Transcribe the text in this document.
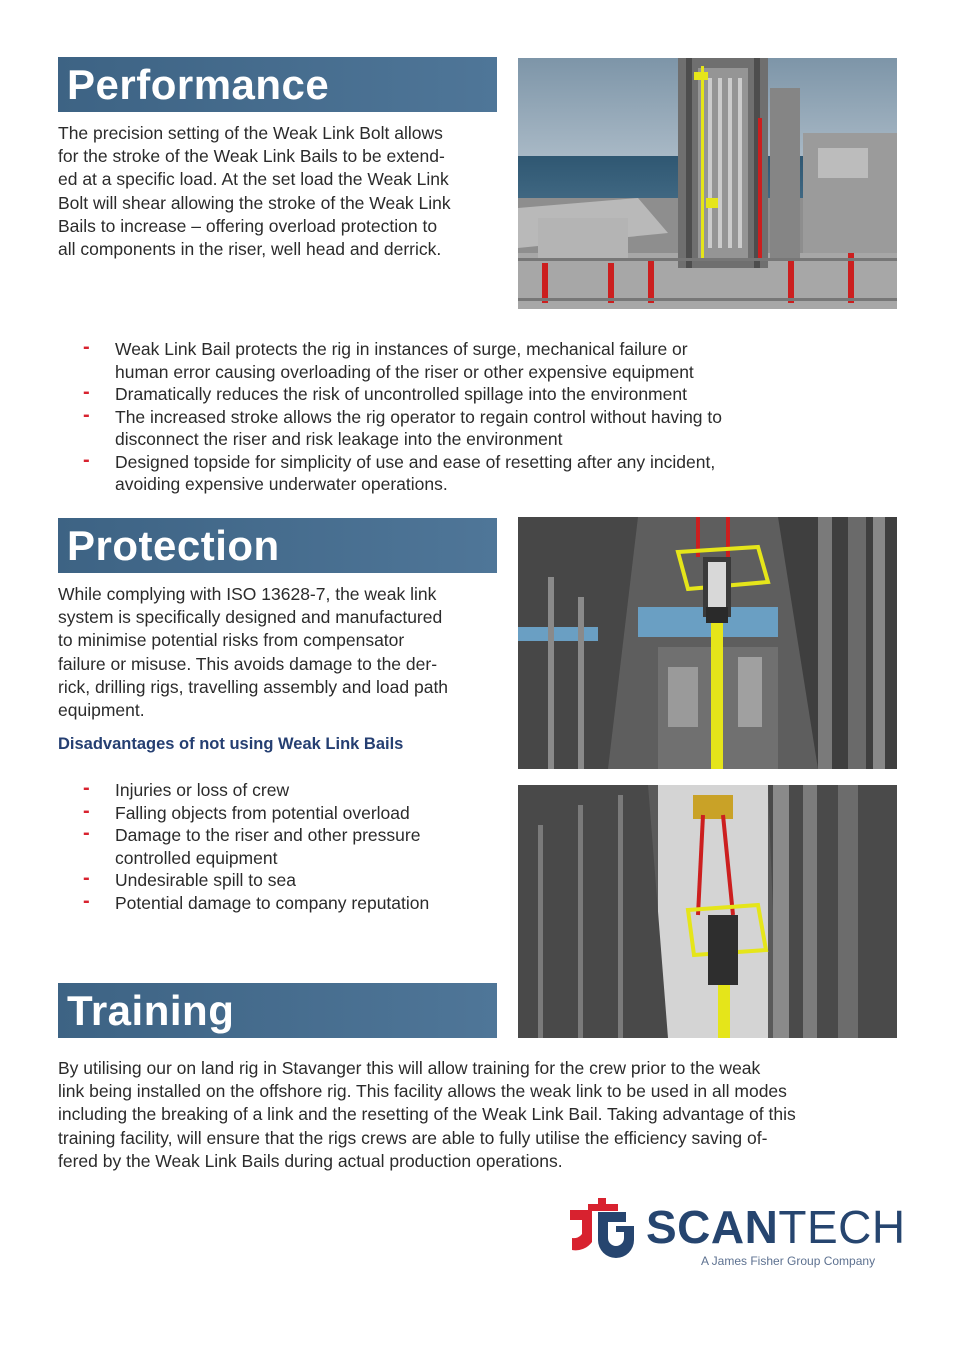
Performance

The precision setting of the Weak Link Bolt allows
for the stroke of the Weak Link Bails to be extend-
ed at a specific load. At the set load the Weak Link
Bolt will shear allowing the stroke of the Weak Link
Bails to increase – offering overload protection to
all components in the riser, well head and derrick.

- Weak Link Bail protects the rig in instances of surge, mechanical failure or
human error causing overloading of the riser or other expensive equipment
- Dramatically reduces the risk of uncontrolled spillage into the environment
- The increased stroke allows the rig operator to regain control without having to
disconnect the riser and risk leakage into the environment
- Designed topside for simplicity of use and ease of resetting after any incident,
avoiding expensive underwater operations.
Protection

While complying with ISO 13628-7, the weak link
system is specifically designed and manufactured
to minimise potential risks from compensator
failure or misuse. This avoids damage to the der-
rick, drilling rigs, travelling assembly and load path
equipment.

Disadvantages of not using Weak Link Bails

- Injuries or loss of crew
- Falling objects from potential overload
- Damage to the riser and other pressure
controlled equipment
- Undesirable spill to sea
- Potential damage to company reputation
Training

By utilising our on land rig in Stavanger this will allow training for the crew prior to the weak
link being installed on the offshore rig. This facility allows the weak link to be used in all modes
including the breaking of a link and the resetting of the Weak Link Bail. Taking advantage of this
training facility, will ensure that the rigs crews are able to fully utilise the efficiency saving of-
fered by the Weak Link Bails during actual production operations.

SCANTECH
A James Fisher Group Company
